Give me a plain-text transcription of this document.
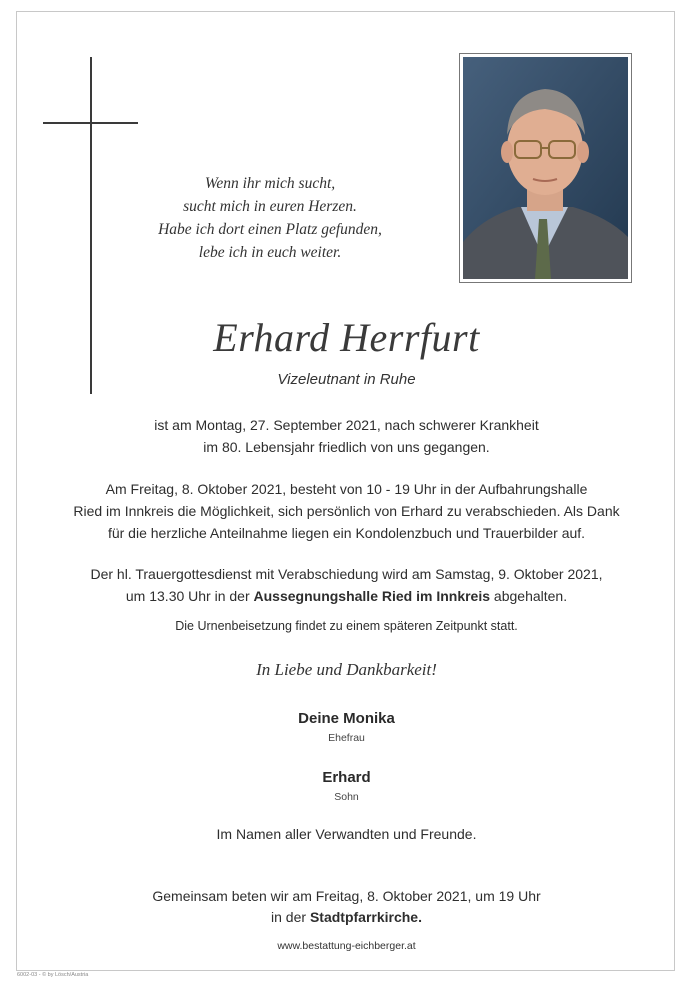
Wenn ihr mich sucht,
sucht mich in euren Herzen.
Habe ich dort einen Platz gefunden,
lebe ich in euch weiter.
Erhard Herrfurt
Vizeleutnant in Ruhe
ist am Montag, 27. September 2021, nach schwerer Krankheit
im 80. Lebensjahr friedlich von uns gegangen.
Am Freitag, 8. Oktober 2021, besteht von 10 - 19 Uhr in der Aufbahrungshalle
Ried im Innkreis die Möglichkeit, sich persönlich von Erhard zu verabschieden. Als Dank
für die herzliche Anteilnahme liegen ein Kondolenzbuch und Trauerbilder auf.
Der hl. Trauergottesdienst mit Verabschiedung wird am Samstag, 9. Oktober 2021,
um 13.30 Uhr in der Aussegnungshalle Ried im Innkreis abgehalten.
Die Urnenbeisetzung findet zu einem späteren Zeitpunkt statt.
In Liebe und Dankbarkeit!
Deine Monika
Ehefrau
Erhard
Sohn
Im Namen aller Verwandten und Freunde.
Gemeinsam beten wir am Freitag, 8. Oktober 2021, um 19 Uhr
in der Stadtpfarrkirche.
www.bestattung-eichberger.at
6002-03 - © by Lösch/Austria
